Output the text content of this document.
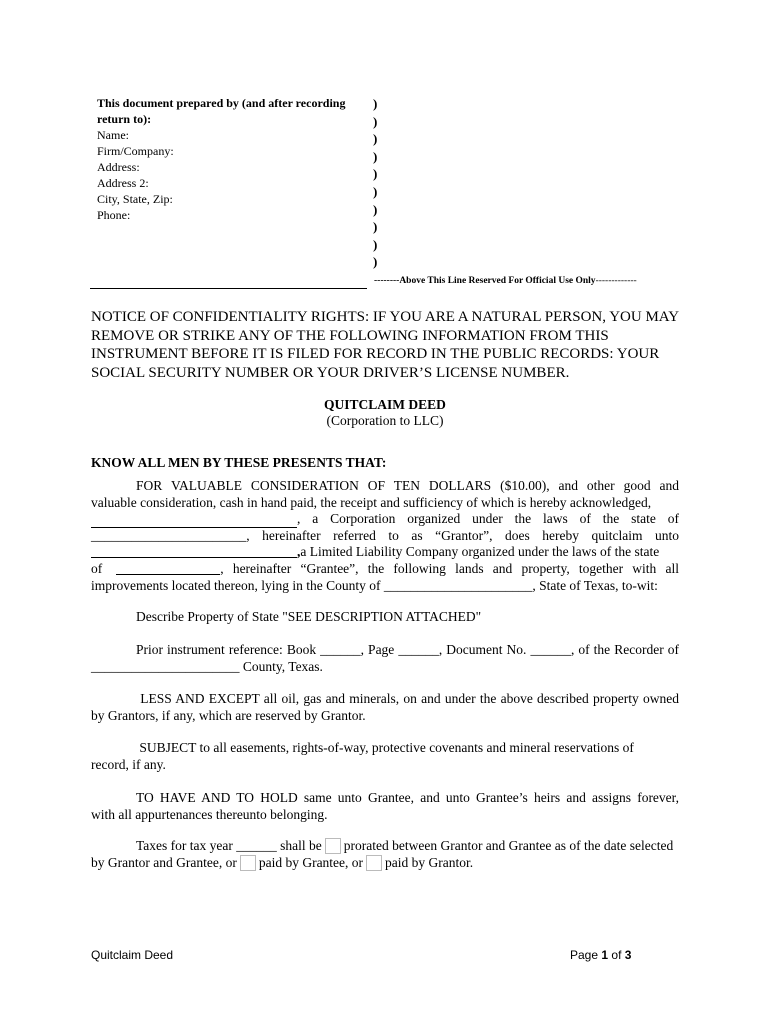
This document prepared by (and after recording
return to):
Name:
Firm/Company:
Address:
Address 2:
City, State, Zip:
Phone:
)
)
)
)
)
)
)
)
)
)
--------Above This Line Reserved For Official Use Only-------------
NOTICE OF CONFIDENTIALITY RIGHTS: IF YOU ARE A NATURAL PERSON, YOU MAY REMOVE OR STRIKE ANY OF THE FOLLOWING INFORMATION FROM THIS INSTRUMENT BEFORE IT IS FILED FOR RECORD IN THE PUBLIC RECORDS: YOUR SOCIAL SECURITY NUMBER OR YOUR DRIVER’S LICENSE NUMBER.
QUITCLAIM DEED
(Corporation to LLC)
KNOW ALL MEN BY THESE PRESENTS THAT:
FOR VALUABLE CONSIDERATION OF TEN DOLLARS ($10.00), and other good and
valuable consideration, cash in hand paid, the receipt and sufficiency of which is hereby acknowledged,
, a Corporation organized under the laws of the state of
_______________________, hereinafter referred to as “Grantor”, does hereby quitclaim unto
, a Limited Liability Company organized under the laws of the state
of	, hereinafter “Grantee”, the following lands and property, together with all
improvements located thereon, lying in the County of ______________________, State of Texas, to-wit:
Describe Property of State "SEE DESCRIPTION ATTACHED"
Prior instrument reference: Book ______, Page ______, Document No. ______, of the Recorder of
______________________ County, Texas.
LESS AND EXCEPT all oil, gas and minerals, on and under the above described property owned
by Grantors, if any, which are reserved by Grantor.
SUBJECT to all easements, rights-of-way, protective covenants and mineral reservations of
record, if any.
TO HAVE AND TO HOLD same unto Grantee, and unto Grantee’s heirs and assigns forever,
with all appurtenances thereunto belonging.
Taxes for tax year ______ shall be prorated between Grantor and Grantee as of the date selected
by Grantor and Grantee, or paid by Grantee, or paid by Grantor.
Quitclaim Deed	Page 1 of 3
